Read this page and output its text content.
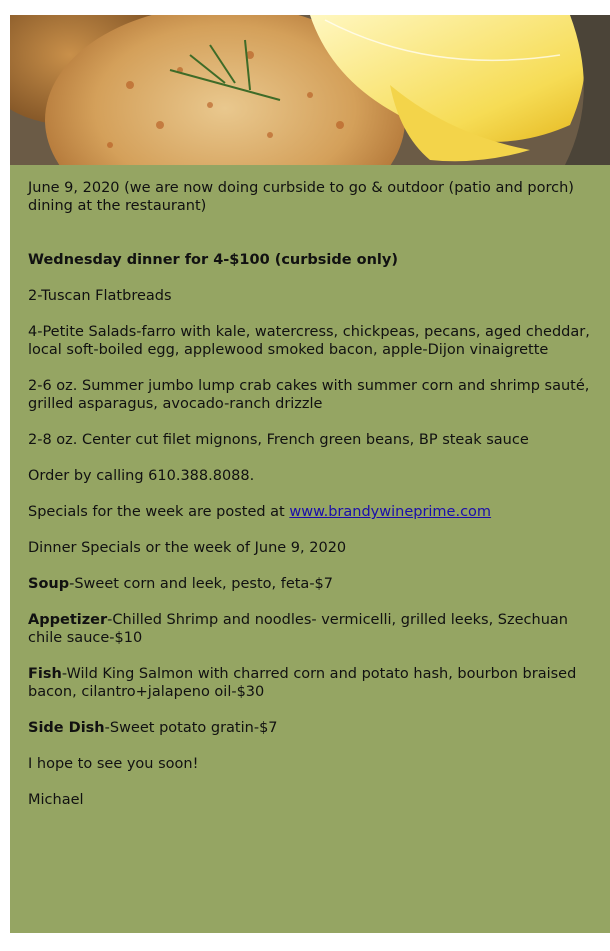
June 9, 2020 (we are now doing curbside to go & outdoor (patio and porch) dining at the restaurant)

Wednesday dinner for 4-$100 (curbside only)

2-Tuscan Flatbreads

4-Petite Salads-farro with kale, watercress, chickpeas, pecans, aged cheddar, local soft-boiled egg, applewood smoked bacon, apple-Dijon vinaigrette

2-6 oz. Summer jumbo lump crab cakes with summer corn and shrimp sauté, grilled asparagus, avocado-ranch drizzle

2-8 oz. Center cut filet mignons, French green beans, BP steak sauce

Order by calling 610.388.8088.

Specials for the week are posted at www.brandywineprime.com

Dinner Specials or the week of June 9, 2020

Soup-Sweet corn and leek, pesto, feta-$7

Appetizer-Chilled Shrimp and noodles- vermicelli, grilled leeks, Szechuan chile sauce-$10

Fish-Wild King Salmon with charred corn and potato hash, bourbon braised bacon, cilantro+jalapeno oil-$30

Side Dish-Sweet potato gratin-$7

I hope to see you soon!

Michael
